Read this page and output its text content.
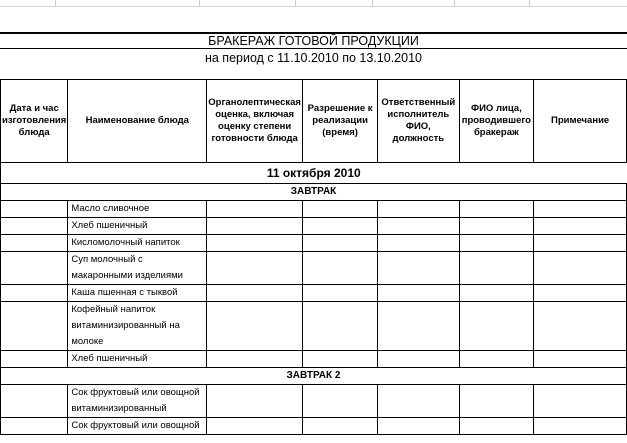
БРАКЕРАЖ ГОТОВОЙ ПРОДУКЦИИ
на период с 11.10.2010 по 13.10.2010
Дата и час изготовления блюда	Наименование блюда	Органолептическая оценка, включая оценку степени готовности блюда	Разрешение к реализации (время)	Ответственный исполнитель ФИО, должность	ФИО лица, проводившего бракераж	Примечание
11 октября 2010						
ЗАВТРАК						
	Масло сливочное					
	Хлеб пшеничный					
	Кисломолочный напиток					
	Суп молочный с макаронными изделиями					
	Каша пшенная с тыквой					
	Кофейный напиток витаминизированный на молоке					
	Хлеб пшеничный					
ЗАВТРАК 2						
	Сок фруктовый или овощной витаминизированный					
	Сок фруктовый или овощной					
